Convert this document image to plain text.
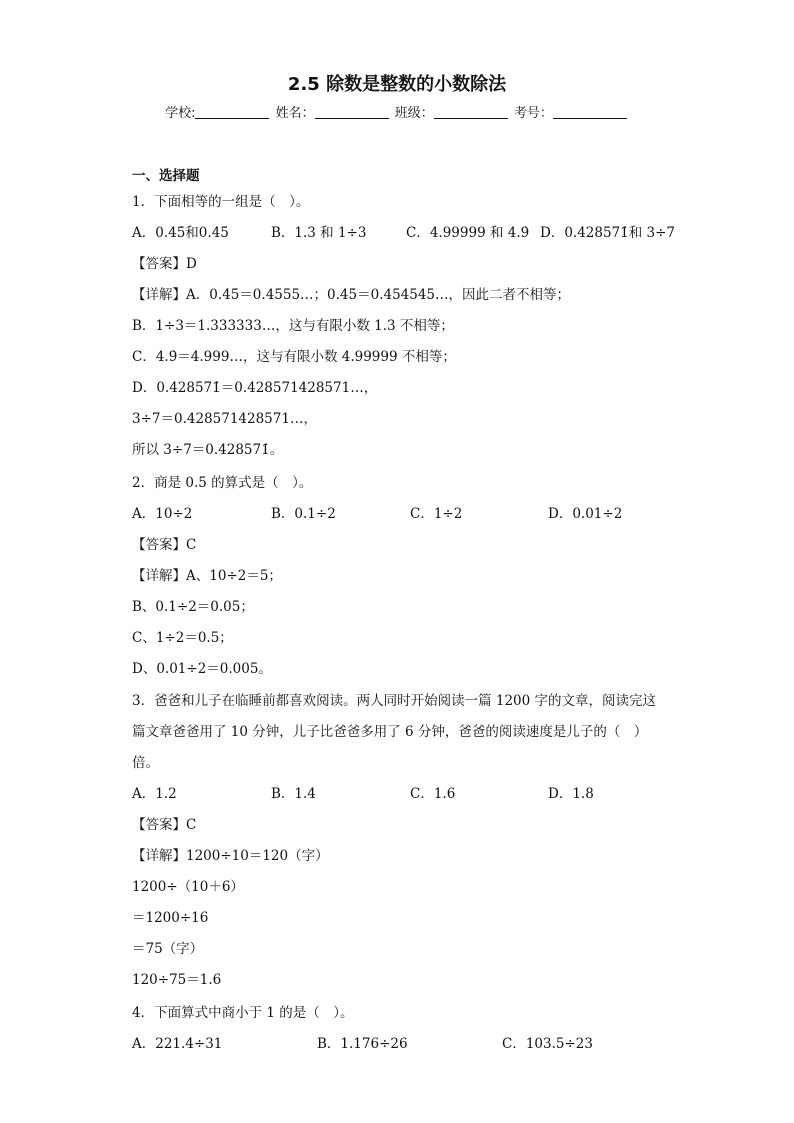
2.5 除数是整数的小数除法
学校:	姓名：	班级：	考号：
一、选择题
1．下面相等的一组是（　）。
A．0.4̇5̇和0.4̇5̇	B．1.3 和 1÷3	C．4.99999 和 4.9̇ D．0.4̇28571̇和 3÷7
【答案】D
【详解】A．0.4̇5̇＝0.4555…；0.4̇5̇＝0.454545…，因此二者不相等；
B．1÷3＝1.333333…，这与有限小数 1.3 不相等；
C．4.9̇＝4.999…，这与有限小数 4.99999 不相等；
D．0.4̇28571̇＝0.428571428571…，
3÷7＝0.428571428571…，
所以 3÷7＝0.4̇28571̇。
2．商是 0.5 的算式是（　）。
A．10÷2	B．0.1÷2	C．1÷2	D．0.01÷2
【答案】C
【详解】A、10÷2＝5；
B、0.1÷2＝0.05；
C、1÷2＝0.5；
D、0.01÷2＝0.005。
3．爸爸和儿子在临睡前都喜欢阅读。两人同时开始阅读一篇 1200 字的文章，阅读完这篇文章爸爸用了 10 分钟，儿子比爸爸多用了 6 分钟，爸爸的阅读速度是儿子的（　）倍。
A．1.2	B．1.4	C．1.6	D．1.8
【答案】C
【详解】1200÷10＝120（字）
1200÷（10＋6）
＝1200÷16
＝75（字）
120÷75＝1.6
4．下面算式中商小于 1 的是（　）。
A．221.4÷31	B．1.176÷26	C．103.5÷23
